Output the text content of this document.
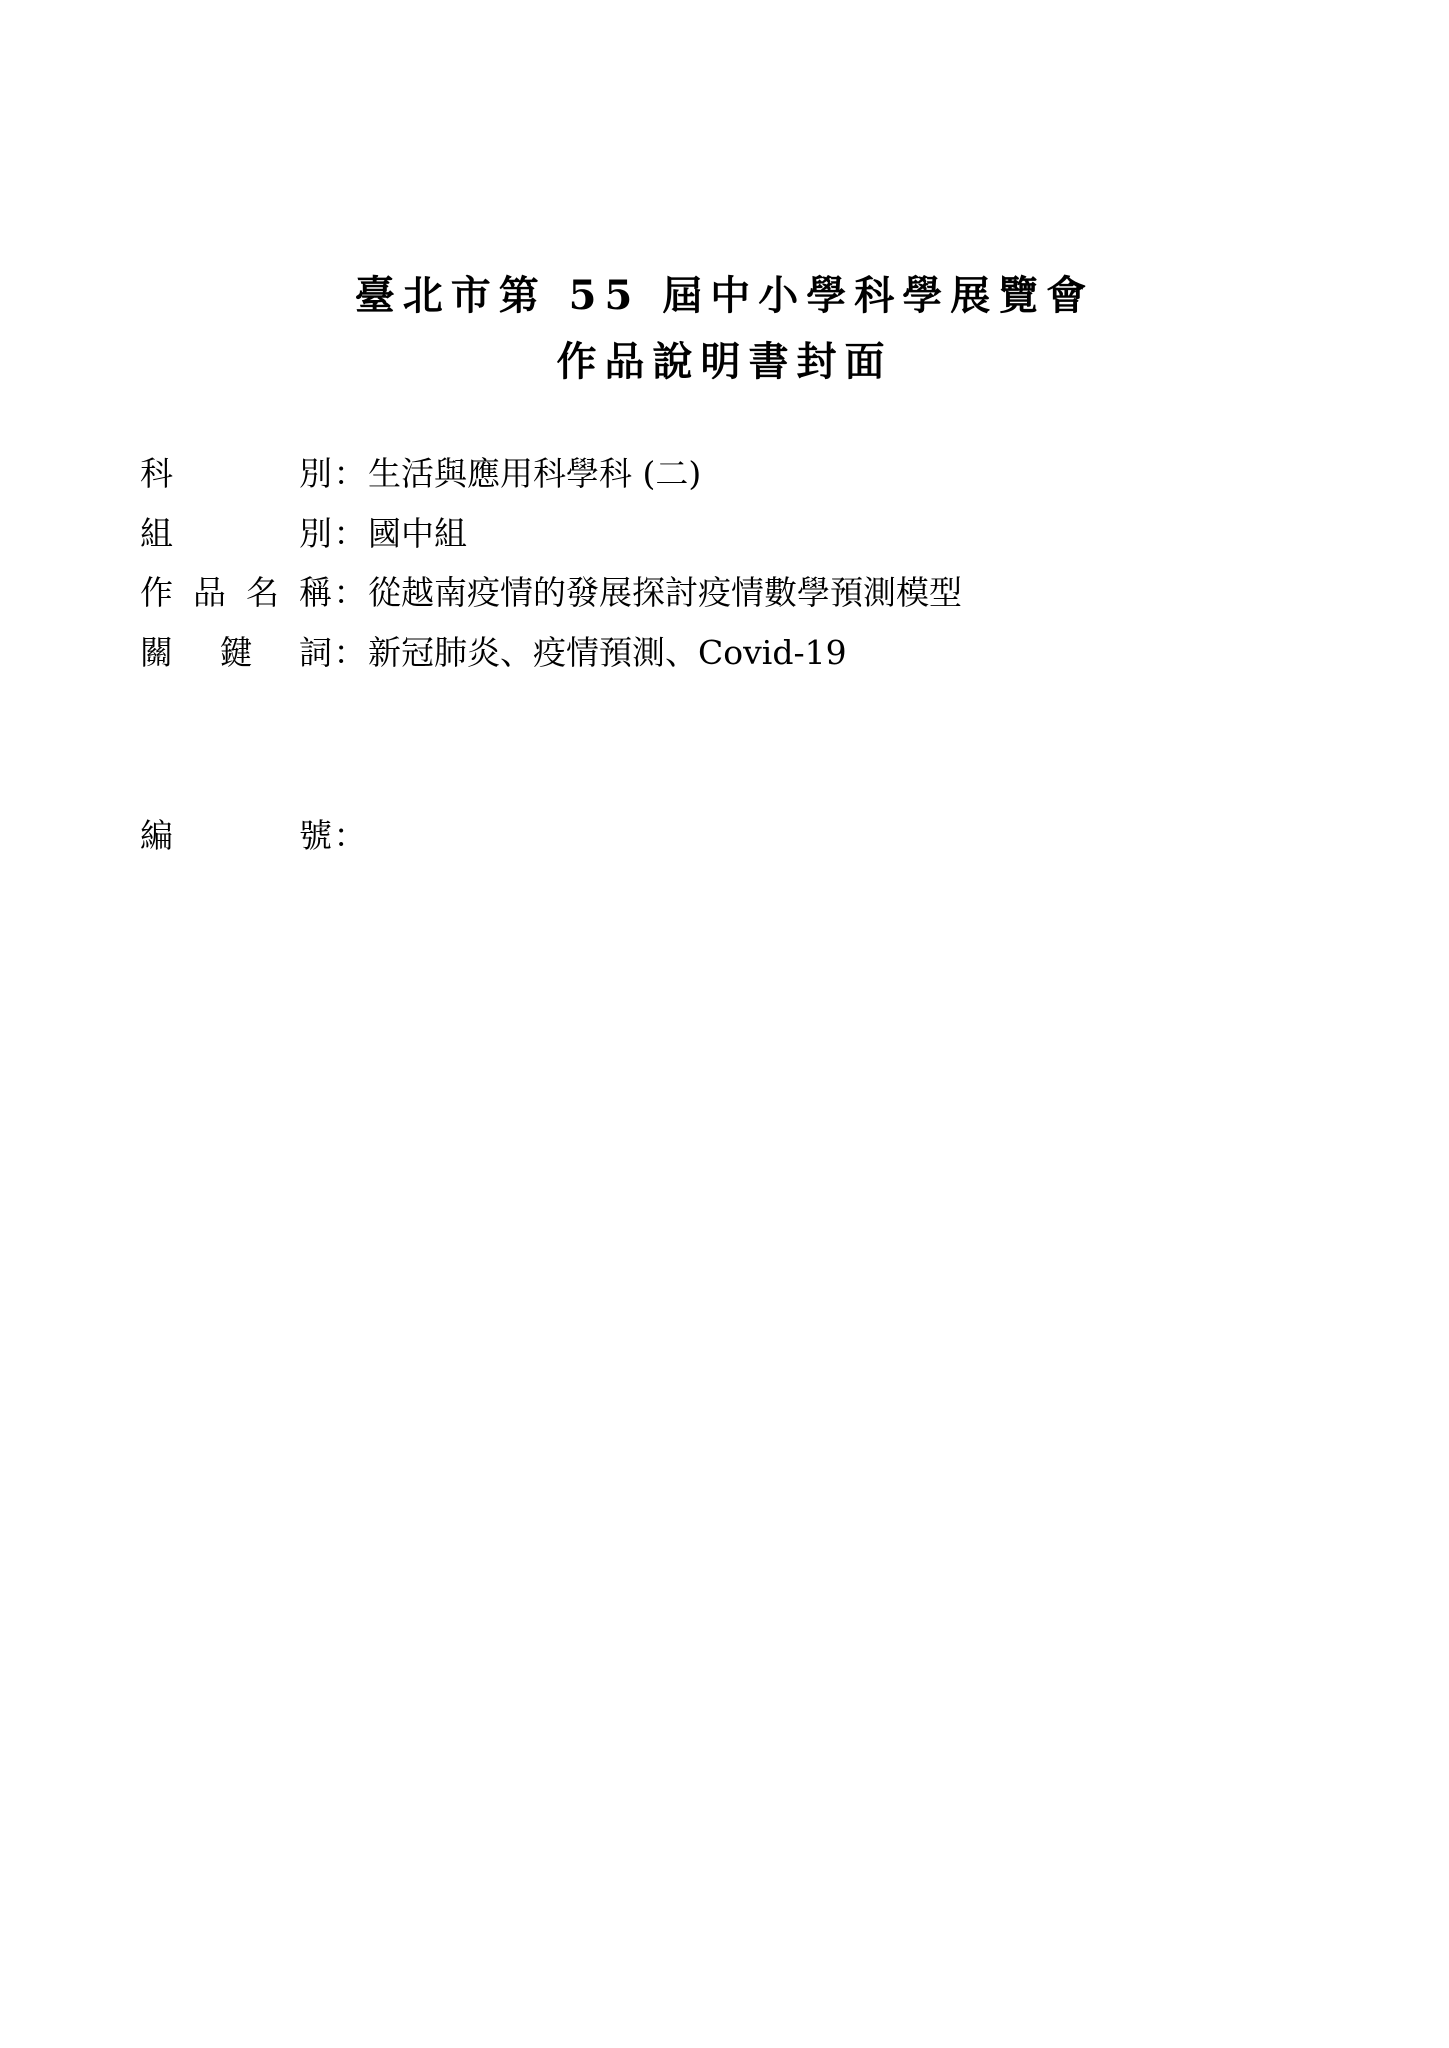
臺北市第 55 屆中小學科學展覽會
作品說明書封面
科	別 ： 生活與應用科學科 (二)
組	別 ： 國中組
作 品 名 稱 ： 從越南疫情的發展探討疫情數學預測模型
關 鍵 詞 ： 新冠肺炎、疫情預測、Covid-19
編	號 ：
